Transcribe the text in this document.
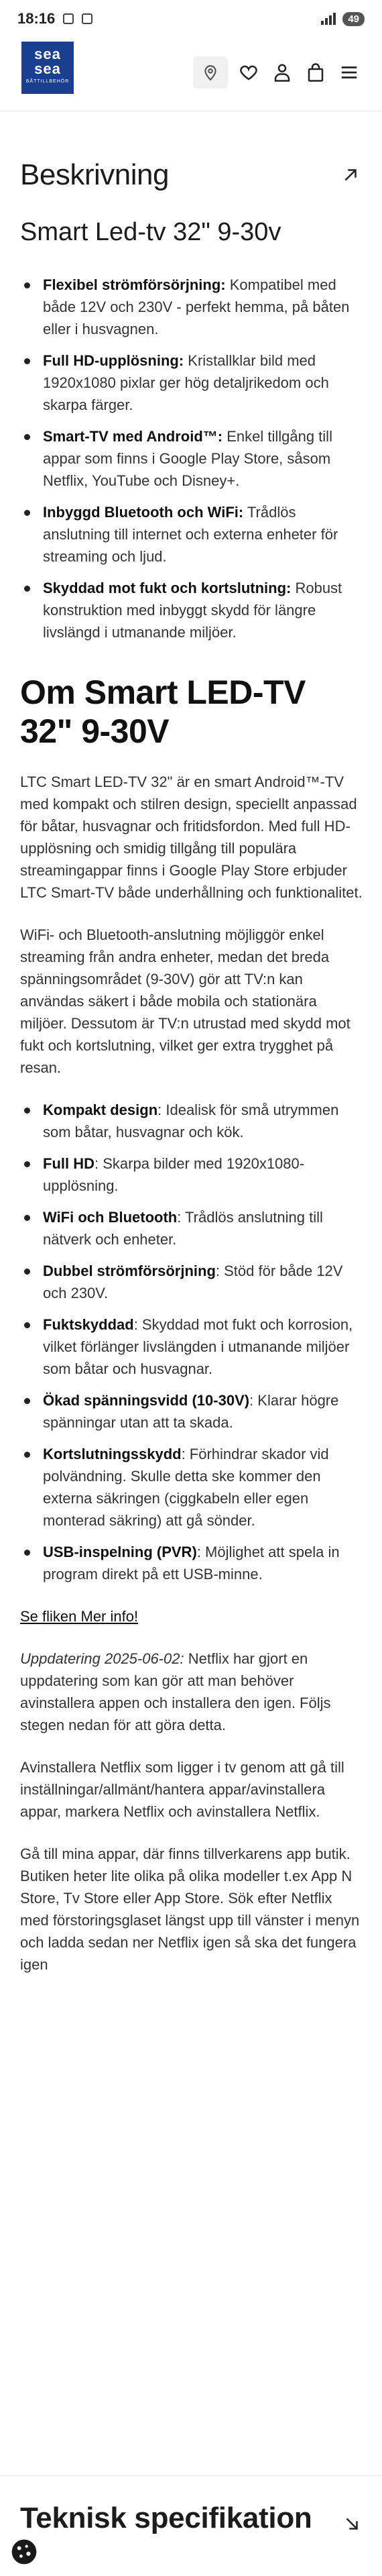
18:16	49
sea
sea
BÅTTILLBEHÖR
Beskrivning
Smart Led-tv 32" 9-30v
Flexibel strömförsörjning: Kompatibel med både 12V och 230V - perfekt hemma, på båten eller i husvagnen.
Full HD-upplösning: Kristallklar bild med 1920x1080 pixlar ger hög detaljrikedom och skarpa färger.
Smart-TV med Android™: Enkel tillgång till appar som finns i Google Play Store, såsom Netflix, YouTube och Disney+.
Inbyggd Bluetooth och WiFi: Trådlös anslutning till internet och externa enheter för streaming och ljud.
Skyddad mot fukt och kortslutning: Robust konstruktion med inbyggt skydd för längre livslängd i utmanande miljöer.
Om Smart LED-TV 32" 9-30V

LTC Smart LED-TV 32" är en smart Android™-TV med kompakt och stilren design, speciellt anpassad för båtar, husvagnar och fritidsfordon. Med full HD-upplösning och smidig tillgång till populära streamingappar finns i Google Play Store erbjuder LTC Smart-TV både underhållning och funktionalitet.

WiFi- och Bluetooth-anslutning möjliggör enkel streaming från andra enheter, medan det breda spänningsområdet (9-30V) gör att TV:n kan användas säkert i både mobila och stationära miljöer. Dessutom är TV:n utrustad med skydd mot fukt och kortslutning, vilket ger extra trygghet på resan.

Kompakt design: Idealisk för små utrymmen som båtar, husvagnar och kök.
Full HD: Skarpa bilder med 1920x1080-upplösning.
WiFi och Bluetooth: Trådlös anslutning till nätverk och enheter.
Dubbel strömförsörjning: Stöd för både 12V och 230V.
Fuktskyddad: Skyddad mot fukt och korrosion, vilket förlänger livslängden i utmanande miljöer som båtar och husvagnar.
Ökad spänningsvidd (10-30V): Klarar högre spänningar utan att ta skada.
Kortslutningsskydd: Förhindrar skador vid polvändning. Skulle detta ske kommer den externa säkringen (ciggkabeln eller egen monterad säkring) att gå sönder.
USB-inspelning (PVR): Möjlighet att spela in program direkt på ett USB-minne.
Se fliken Mer info!

Uppdatering 2025-06-02: Netflix har gjort en uppdatering som kan gör att man behöver avinstallera appen och installera den igen. Följs stegen nedan för att göra detta.

Avinstallera Netflix som ligger i tv genom att gå till inställningar/allmänt/hantera appar/avinstallera appar, markera Netflix och avinstallera Netflix.

Gå till mina appar, där finns tillverkarens app butik. Butiken heter lite olika på olika modeller t.ex App N Store, Tv Store eller App Store. Sök efter Netflix med förstoringsglaset längst upp till vänster i menyn och ladda sedan ner Netflix igen så ska det fungera igen

Teknisk specifikation
